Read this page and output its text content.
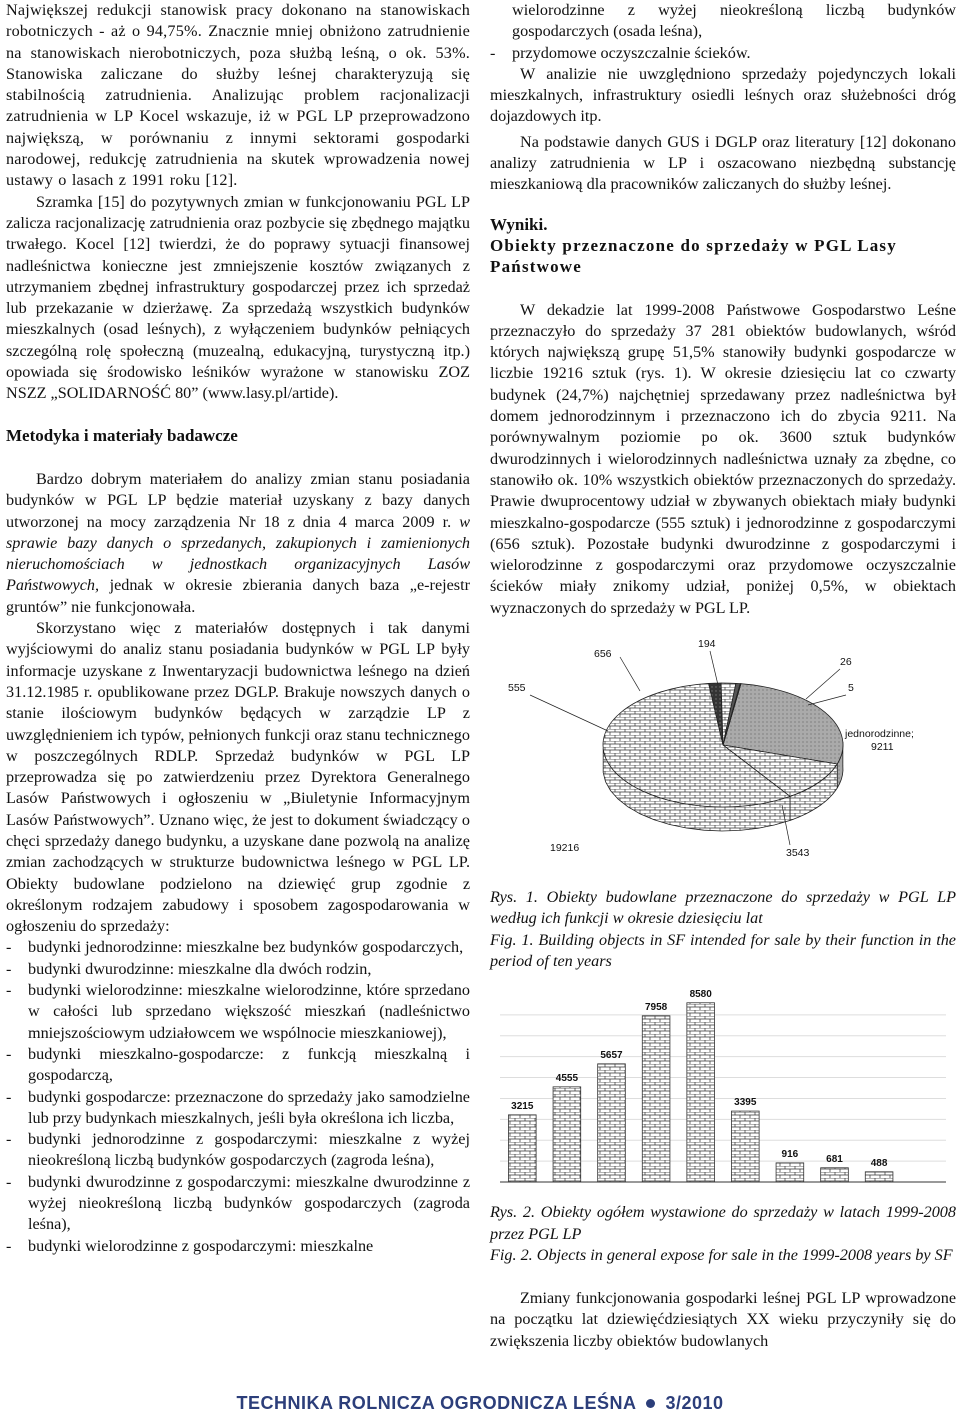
Największej redukcji stanowisk pracy dokonano na stanowiskach robotniczych - aż o 94,75%. Znacznie mniej obniżono zatrudnienie na stanowiskach nierobotniczych, poza służbą leśną, o ok. 53%. Stanowiska zaliczane do służby leśnej charakteryzują się stabilnością zatrudnienia. Analizując problem racjonalizacji zatrudnienia w LP Kocel wskazuje, iż w PGL LP przeprowadzono największą, w porównaniu z innymi sektorami gospodarki narodowej, redukcję zatrudnienia na skutek wprowadzenia nowej ustawy o lasach z 1991 roku [12].

Szramka [15] do pozytywnych zmian w funkcjonowaniu PGL LP zalicza racjonalizację zatrudnienia oraz pozbycie się zbędnego majątku trwałego. Kocel [12] twierdzi, że do poprawy sytuacji finansowej nadleśnictwa konieczne jest zmniejszenie kosztów związanych z utrzymaniem zbędnej infrastruktury gospodarczej przez ich sprzedaż lub przekazanie w dzierżawę. Za sprzedażą wszystkich budynków mieszkalnych (osad leśnych), z wyłączeniem budynków pełniących szczególną rolę społeczną (muzealną, edukacyjną, turystyczną itp.) opowiada się środowisko leśników wyrażone w stanowisku ZOZ NSZZ „SOLIDARNOŚĆ 80” (www.lasy.pl/artide).

Metodyka i materiały badawcze

Bardzo dobrym materiałem do analizy zmian stanu posiadania budynków w PGL LP będzie materiał uzyskany z bazy danych utworzonej na mocy zarządzenia Nr 18 z dnia 4 marca 2009 r. w sprawie bazy danych o sprzedanych, zakupionych i zamienionych nieruchomościach w jednostkach organizacyjnych Lasów Państwowych, jednak w okresie zbierania danych baza „e-rejestr gruntów” nie funkcjonowała.

Skorzystano więc z materiałów dostępnych i tak danymi wyjściowymi do analiz stanu posiadania budynków w PGL LP były informacje uzyskane z Inwentaryzacji budownictwa leśnego na dzień 31.12.1985 r. opublikowane przez DGLP. Brakuje nowszych danych o stanie ilościowym budynków będących w zarządzie LP z uwzględnieniem ich typów, pełnionych funkcji oraz stanu technicznego w poszczególnych RDLP. Sprzedaż budynków w PGL LP przeprowadza się po zatwierdzeniu przez Dyrektora Generalnego Lasów Państwowych i ogłoszeniu w „Biuletynie Informacyjnym Lasów Państwowych”. Uznano więc, że jest to dokument świadczący o chęci sprzedaży danego budynku, a uzyskane dane pozwolą na analizę zmian zachodzących w strukturze budownictwa leśnego w PGL LP. Obiekty budowlane podzielono na dziewięć grup zgodnie z określonym rodzajem zabudowy i sposobem zagospodarowania w ogłoszeniu do sprzedaży:

- budynki jednorodzinne: mieszkalne bez budynków gospodarczych,
- budynki dwurodzinne: mieszkalne dla dwóch rodzin,
- budynki wielorodzinne: mieszkalne wielorodzinne, które sprzedano w całości lub sprzedano większość mieszkań (nadleśnictwo mniejszościowym udziałowcem we wspólnocie mieszkaniowej),
- budynki mieszkalno-gospodarcze: z funkcją mieszkalną i gospodarczą,
- budynki gospodarcze: przeznaczone do sprzedaży jako samodzielne lub przy budynkach mieszkalnych, jeśli była określona ich liczba,
- budynki jednorodzinne z gospodarczymi: mieszkalne z wyżej nieokreśloną liczbą budynków gospodarczych (zagroda leśna),
- budynki dwurodzinne z gospodarczymi: mieszkalne dwurodzinne z wyżej nieokreśloną liczbą budynków gospodarczych (zagroda leśna),
- budynki wielorodzinne z gospodarczymi: mieszkalne

wielorodzinne z wyżej nieokreśloną liczbą budynków gospodarczych (osada leśna),

- przydomowe oczyszczalnie ścieków.

W analizie nie uwzględniono sprzedaży pojedynczych lokali mieszkalnych, infrastruktury osiedli leśnych oraz służebności dróg dojazdowych itp.

Na podstawie danych GUS i DGLP oraz literatury [12] dokonano analizy zatrudnienia w LP i oszacowano niezbędną substancję mieszkaniową dla pracowników zaliczanych do służby leśnej.

Wyniki.
Obiekty przeznaczone do sprzedaży w PGL Lasy Państwowe

W dekadzie lat 1999-2008 Państwowe Gospodarstwo Leśne przeznaczyło do sprzedaży 37 281 obiektów budowlanych, wśród których największą grupę 51,5% stanowiły budynki gospodarcze w liczbie 19216 sztuk (rys. 1). W okresie dziesięciu lat co czwarty budynek (24,7%) najchętniej sprzedawany przez nadleśnictwa był domem jednorodzinnym i przeznaczono ich do zbycia 9211. Na porównywalnym poziomie po ok. 3600 sztuk budynków dwurodzinnych i wielorodzinnych nadleśnictwa uznały za zbędne, co stanowiło ok. 10% wszystkich obiektów przeznaczonych do sprzedaży. Prawie dwuprocentowy udział w zbywanych obiektach miały budynki mieszkalno-gospodarcze (555 sztuk) i jednorodzinne z gospodarczymi (656 sztuk). Pozostałe budynki dwurodzinne z gospodarczymi i wielorodzinne z gospodarczymi oraz przydomowe oczyszczalnie ścieków miały znikomy udział, poniżej 0,5%, w obiektach wyznaczonych do sprzedaży w PGL LP.

jednorodzinne;
9211
3543
19216
555
656
194
26
5

Rys. 1. Obiekty budowlane przeznaczone do sprzedaży w PGL LP według ich funkcji w okresie dziesięciu lat

Fig. 1. Building objects in SF intended for sale by their function in the period of ten years

3215
4555
5657
7958
8580
3395
916	681	488

Rys. 2. Obiekty ogółem wystawione do sprzedaży w latach 1999-2008 przez PGL LP

Fig. 2. Objects in general expose for sale in the 1999-2008 years by SF

Zmiany funkcjonowania gospodarki leśnej PGL LP wprowadzone na początku lat dziewięćdziesiątych XX wieku przyczyniły się do zwiększenia liczby obiektów budowlanych

TECHNIKA ROLNICZA OGRODNICZA LEŚNA 3/2010
